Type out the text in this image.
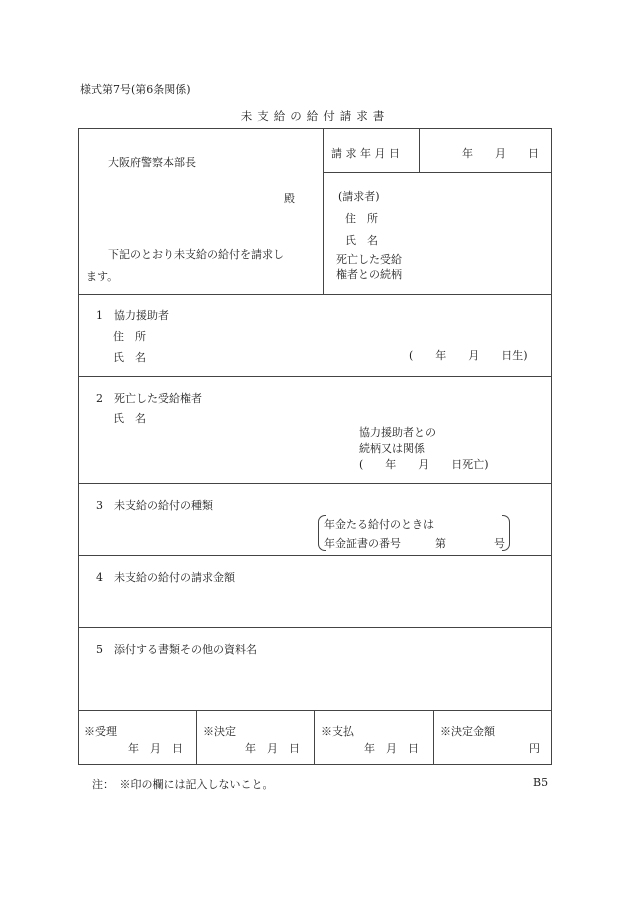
様式第7号(第6条関係)
未支給の給付請求書
大阪府警察本部長
殿
下記のとおり未支給の給付を請求し
ます。
請 求 年 月 日	年　　月　　日
(請求者)
住　所
氏　名
死亡した受給
権者との続柄
1　協力援助者
住　所
氏　名	(　　年　　月　　日生)
2　死亡した受給権者
氏　名
協力援助者との
続柄又は関係
(　　年　　月　　日死亡)
3　未支給の給付の種類
年金たる給付のときは
年金証書の番号	第	号
4　未支給の給付の請求金額
5　添付する書類その他の資料名
※受理
年　月　日
※決定
年　月　日
※支払
年　月　日
※決定金額
円
注：　※印の欄には記入しないこと。	B5
